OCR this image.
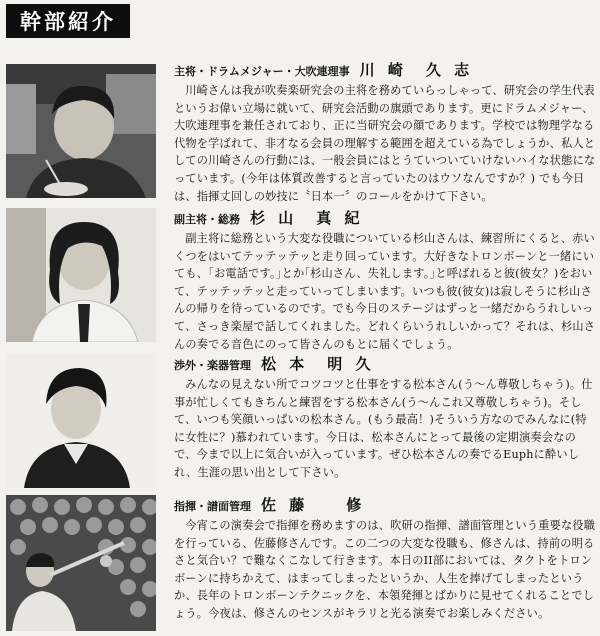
幹部紹介

主将・ドラムメジャー・大吹連理事 川 崎　久 志

川崎さんは我が吹奏楽研究会の主将を務めていらっしゃって、研究会の学生代表というお偉い立場に就いて、研究会活動の旗頭であります。更にドラムメジャー、大吹連理事を兼任されており、正に当研究会の顔であります。学校では物理学なる代物を学ばれて、非才なる会員の理解する範囲を超えている為でしょうか、私人としての川崎さんの行動には、一般会員にはとうていついていけないハイな状態になっています。(今年は体質改善すると言っていたのはウソなんですか？) でも今日は、指揮丈回しの妙技に〝日本一〞のコールをかけて下さい。

副主将・総務 杉 山　真 紀

副主将に総務という大変な役職についている杉山さんは、練習所にくると、赤いくつをはいてテッテッテッと走り回っています。大好きなトロンボーンと一緒にいても、｢お電話です。｣とか｢杉山さん、失礼します。｣と呼ばれると彼(彼女？)をおいて、テッテッテッと走っていってしまいます。いつも彼(彼女)は寂しそうに杉山さんの帰りを待っているのです。でも今日のステージはずっと一緒だからうれしいって、さっき楽屋で話してくれました。どれくらいうれしいかって？それは、杉山さんの奏でる音色にのって皆さんのもとに届くでしょう。

渉外・楽器管理 松 本　明 久

みんなの見えない所でコツコツと仕事をする松本さん(う～ん尊敬しちゃう)。仕事が忙しくてもきちんと練習をする松本さん(う～んこれ又尊敬しちゃう)。そして、いつも笑顔いっぱいの松本さん。(もう最高！)そういう方なのでみんなに(特に女性に？)慕われています。今日は、松本さんにとって最後の定期演奏会なので、今まで以上に気合いが入っています。ぜひ松本さんの奏でるEuphに酔いしれ、生涯の思い出として下さい。

指揮・譜面管理 佐 藤　　修

今宵この演奏会で指揮を務めますのは、吹研の指揮、譜面管理という重要な役職を行っている、佐藤修さんです。この二つの大変な役職も、修さんは、持前の明るさと気合い？で難なくこなして行きます。本日のII部においては、タクトをトロンボーンに持ちかえて、はまってしまったというか、人生を捧げてしまったというか、長年のトロンボーンテクニックを、本領発揮とばかりに見せてくれることでしょう。今夜は、修さんのセンスがキラリと光る演奏でお楽しみください。
